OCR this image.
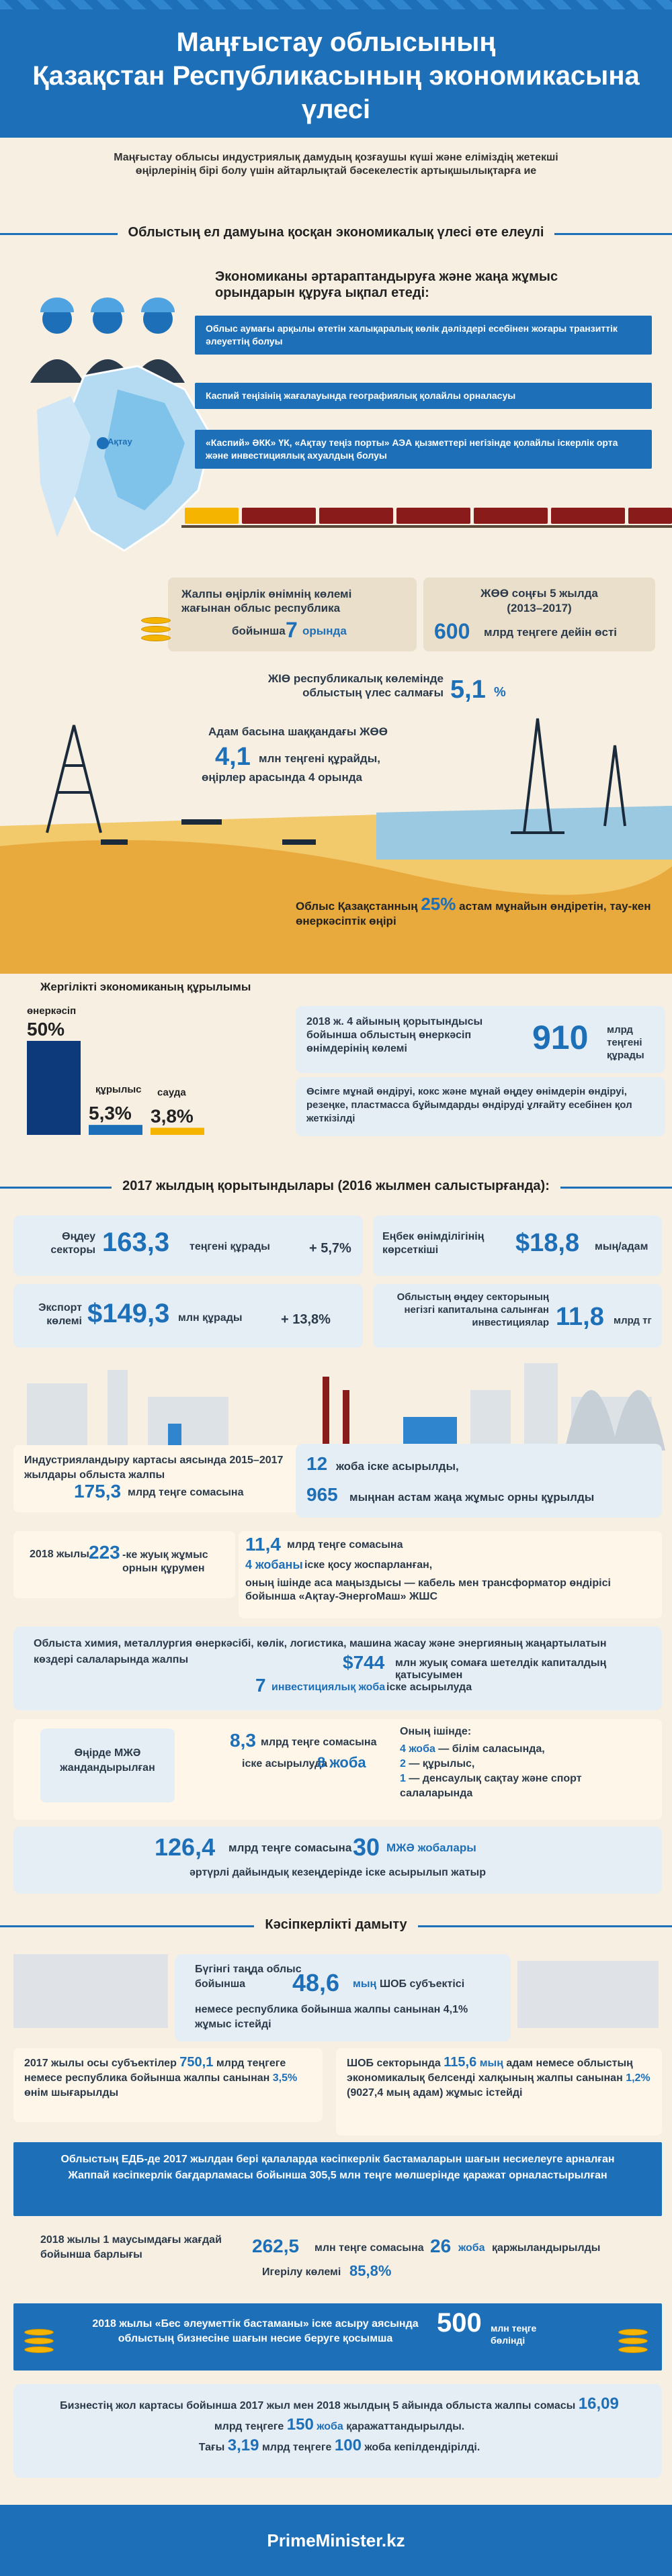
Маңғыстау облысының
Қазақстан Республикасының экономикасына
үлесі
Маңғыстау облысы индустриялық дамудың қозғаушы күші және еліміздің жетекші өңірлерінің бірі болу үшін айтарлықтай бәсекелестік артықшылықтарға ие
Облыстың ел дамуына қосқан экономикалық үлесі өте елеулі
Ақтау
Экономиканы әртараптандыруға және жаңа жұмыс орындарын құруға ықпал етеді:
Облыс аумағы арқылы өтетін халықаралық көлік дәліздері есебінен жоғары транзиттік әлеуеттің болуы
Каспий теңізінің жағалауында географиялық қолайлы орналасуы
«Каспий» ӘКК» ҮК, «Ақтау теңіз порты» АЭА қызметтері негізінде қолайлы іскерлік орта және инвестициялық ахуалдың болуы
Жалпы өңірлік өнімнің көлемі жағынан облыс республика
бойынша 7 орында
ЖӨӨ соңғы 5 жылда
(2013–2017)
600 млрд теңгеге дейін өсті
ЖІӨ республикалық көлемінде облыстың үлес салмағы 5,1 %
Адам басына шаққандағы ЖӨӨ
4,1 млн теңгені құрайды,
өңірлер арасында 4 орында
Облыс Қазақстанның 25% астам мұнайын өндіретін, тау-кен өнеркәсіптік өңірі
Жергілікті экономиканың құрылымы
50%
өнеркәсіп
5,3%
құрылыс
3,8%
сауда
2018 ж. 4 айының қорытындысы бойынша облыстың өнеркәсіп өнімдерінің көлемі	910 млрд теңгені құрады
Өсімге мұнай өндіруі, кокс және мұнай өңдеу өнімдерін өндіруі, резеңке, пластмасса бұйымдарды өндіруді ұлғайту есебінен қол жеткізілді
2017 жылдың қорытындылары (2016 жылмен салыстырғанда):
Өңдеу секторы 163,3 теңгені құрады	+ 5,7%
Еңбек өнімділігінің көрсеткіші	$18,8 мың/адам
Экспорт көлемі $149,3 млн құрады	+ 13,8%
Облыстың өңдеу секторының негізгі капиталына салынған инвестициялар 11,8 млрд тг
Индустрияландыру картасы аясында 2015–2017 жылдары облыста жалпы
175,3 млрд теңге сомасына
12 жоба іске асырылды,
965 мыңнан астам жаңа жұмыс орны құрылды
2018 жылы 223 -ке жуық жұмыс орнын құрумен
11,4 млрд теңге сомасына
4 жобаны іске қосу жоспарланған,
оның ішінде аса маңыздысы — кабель мен трансформатор өндірісі бойынша «Ақтау-ЭнергоМаш» ЖШС
Облыста химия, металлургия өнеркәсібі, көлік, логистика, машина жасау және энергияның жаңартылатын көздері салаларында жалпы	$744 млн жуық сомаға шетелдік капиталдың қатысуымен
7 инвестициялық жоба іске асырылуда
Өңірде МЖӘ жандандырылған
8,3 млрд теңге сомасына
іске асырылуда
8 жоба
Оның ішінде:
4 жоба — білім саласында,
2 — құрылыс,
1 — денсаулық сақтау және спорт салаларында
126,4 млрд теңге сомасына 30 МЖӘ жобалары
әртүрлі дайындық кезеңдерінде іске асырылып жатыр
Кәсіпкерлікті дамыту
Бүгінгі таңда облыс бойынша	48,6 мың ШОБ субъектісі
немесе республика бойынша жалпы санынан 4,1% жұмыс істейді
2017 жылы осы субъектілер 750,1 млрд теңгеге немесе республика бойынша жалпы санынан 3,5% өнім шығарылды
ШОБ секторында 115,6 мың адам немесе облыстың экономикалық белсенді халқының жалпы санынан 1,2% (9027,4 мың адам) жұмыс істейді
Облыстың ЕДБ-де 2017 жылдан бері қалаларда кәсіпкерлік бастамаларын шағын несиелеуге арналған Жаппай кәсіпкерлік бағдарламасы бойынша 305,5 млн теңге мөлшерінде қаражат орналастырылған
2018 жылы 1 маусымдағы жағдай бойынша барлығы	262,5 млн теңге сомасына 26 жоба қаржыландырылды
Игерілу көлемі 85,8%
2018 жылы «Бес әлеуметтік бастаманы» іске асыру аясында облыстың бизнесіне шағын несие беруге қосымша
500 млн теңге бөлінді
Бизнестің жол картасы бойынша 2017 жыл мен 2018 жылдың 5 айында облыста жалпы сомасы 16,09 млрд теңгеге 150 жоба қаражаттандырылды.
Тағы 3,19 млрд теңгеге 100 жоба кепілдендірілді.
PrimeMinister.kz
